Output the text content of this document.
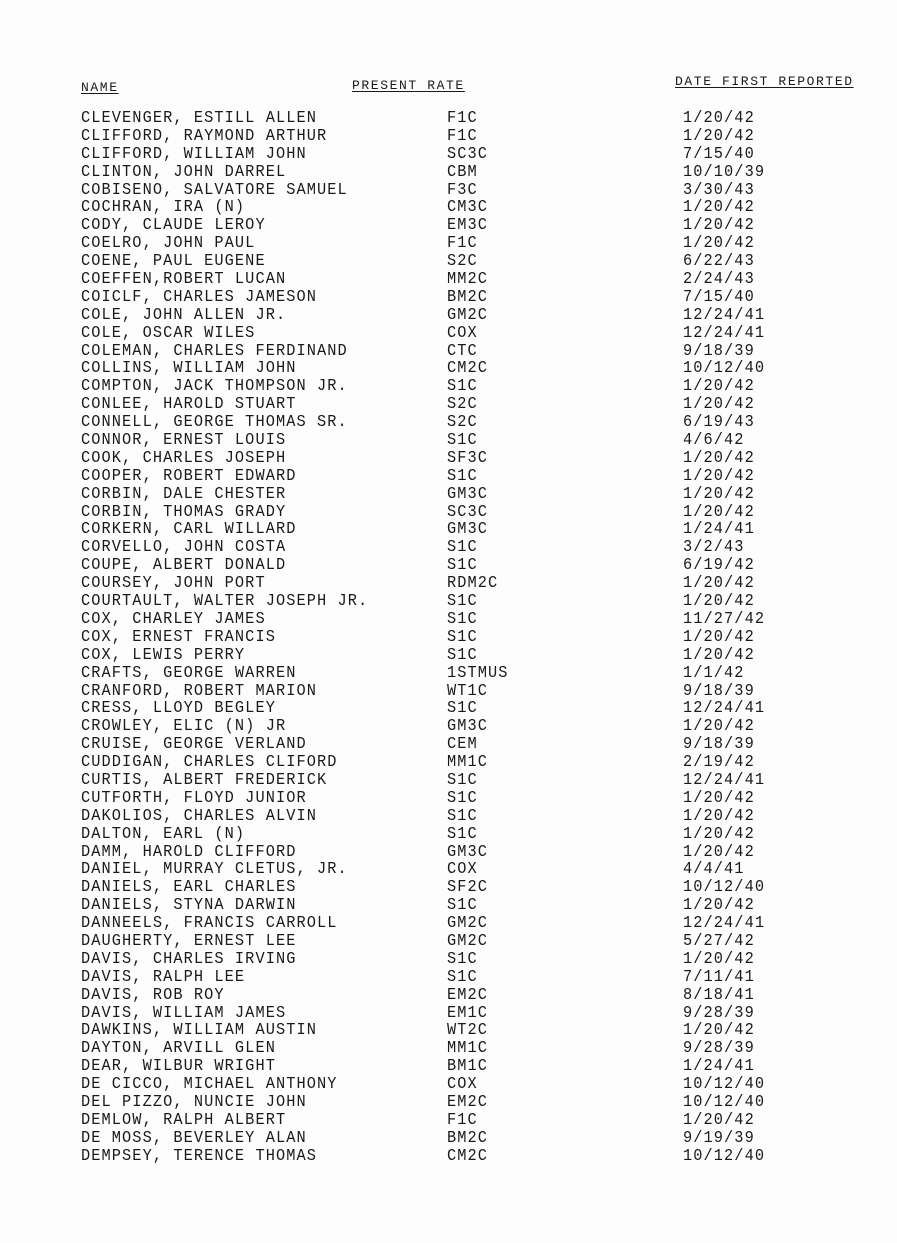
NAME	PRESENT RATE	DATE FIRST REPORTED
CLEVENGER, ESTILL ALLEN	F1C	1/20/42
CLIFFORD, RAYMOND ARTHUR	F1C	1/20/42
CLIFFORD, WILLIAM JOHN	SC3C	7/15/40
CLINTON, JOHN DARREL	CBM	10/10/39
COBISENO, SALVATORE SAMUEL	F3C	3/30/43
COCHRAN, IRA (N)	CM3C	1/20/42
CODY, CLAUDE LEROY	EM3C	1/20/42
COELRO, JOHN PAUL	F1C	1/20/42
COENE, PAUL EUGENE	S2C	6/22/43
COEFFEN,ROBERT LUCAN	MM2C	2/24/43
COICLF, CHARLES JAMESON	BM2C	7/15/40
COLE, JOHN ALLEN JR.	GM2C	12/24/41
COLE, OSCAR WILES	COX	12/24/41
COLEMAN, CHARLES FERDINAND	CTC	9/18/39
COLLINS, WILLIAM JOHN	CM2C	10/12/40
COMPTON, JACK THOMPSON JR.	S1C	1/20/42
CONLEE, HAROLD STUART	S2C	1/20/42
CONNELL, GEORGE THOMAS SR.	S2C	6/19/43
CONNOR, ERNEST LOUIS	S1C	4/6/42
COOK, CHARLES JOSEPH	SF3C	1/20/42
COOPER, ROBERT EDWARD	S1C	1/20/42
CORBIN, DALE CHESTER	GM3C	1/20/42
CORBIN, THOMAS GRADY	SC3C	1/20/42
CORKERN, CARL WILLARD	GM3C	1/24/41
CORVELLO, JOHN COSTA	S1C	3/2/43
COUPE, ALBERT DONALD	S1C	6/19/42
COURSEY, JOHN PORT	RDM2C	1/20/42
COURTAULT, WALTER JOSEPH JR.	S1C	1/20/42
COX, CHARLEY JAMES	S1C	11/27/42
COX, ERNEST FRANCIS	S1C	1/20/42
COX, LEWIS PERRY	S1C	1/20/42
CRAFTS, GEORGE WARREN	1STMUS	1/1/42
CRANFORD, ROBERT MARION	WT1C	9/18/39
CRESS, LLOYD BEGLEY	S1C	12/24/41
CROWLEY, ELIC (N) JR	GM3C	1/20/42
CRUISE, GEORGE VERLAND	CEM	9/18/39
CUDDIGAN, CHARLES CLIFORD	MM1C	2/19/42
CURTIS, ALBERT FREDERICK	S1C	12/24/41
CUTFORTH, FLOYD JUNIOR	S1C	1/20/42
DAKOLIOS, CHARLES ALVIN	S1C	1/20/42
DALTON, EARL (N)	S1C	1/20/42
DAMM, HAROLD CLIFFORD	GM3C	1/20/42
DANIEL, MURRAY CLETUS, JR.	COX	4/4/41
DANIELS, EARL CHARLES	SF2C	10/12/40
DANIELS, STYNA DARWIN	S1C	1/20/42
DANNEELS, FRANCIS CARROLL	GM2C	12/24/41
DAUGHERTY, ERNEST LEE	GM2C	5/27/42
DAVIS, CHARLES IRVING	S1C	1/20/42
DAVIS, RALPH LEE	S1C	7/11/41
DAVIS, ROB ROY	EM2C	8/18/41
DAVIS, WILLIAM JAMES	EM1C	9/28/39
DAWKINS, WILLIAM AUSTIN	WT2C	1/20/42
DAYTON, ARVILL GLEN	MM1C	9/28/39
DEAR, WILBUR WRIGHT	BM1C	1/24/41
DE CICCO, MICHAEL ANTHONY	COX	10/12/40
DEL PIZZO, NUNCIE JOHN	EM2C	10/12/40
DEMLOW, RALPH ALBERT	F1C	1/20/42
DE MOSS, BEVERLEY ALAN	BM2C	9/19/39
DEMPSEY, TERENCE THOMAS	CM2C	10/12/40
